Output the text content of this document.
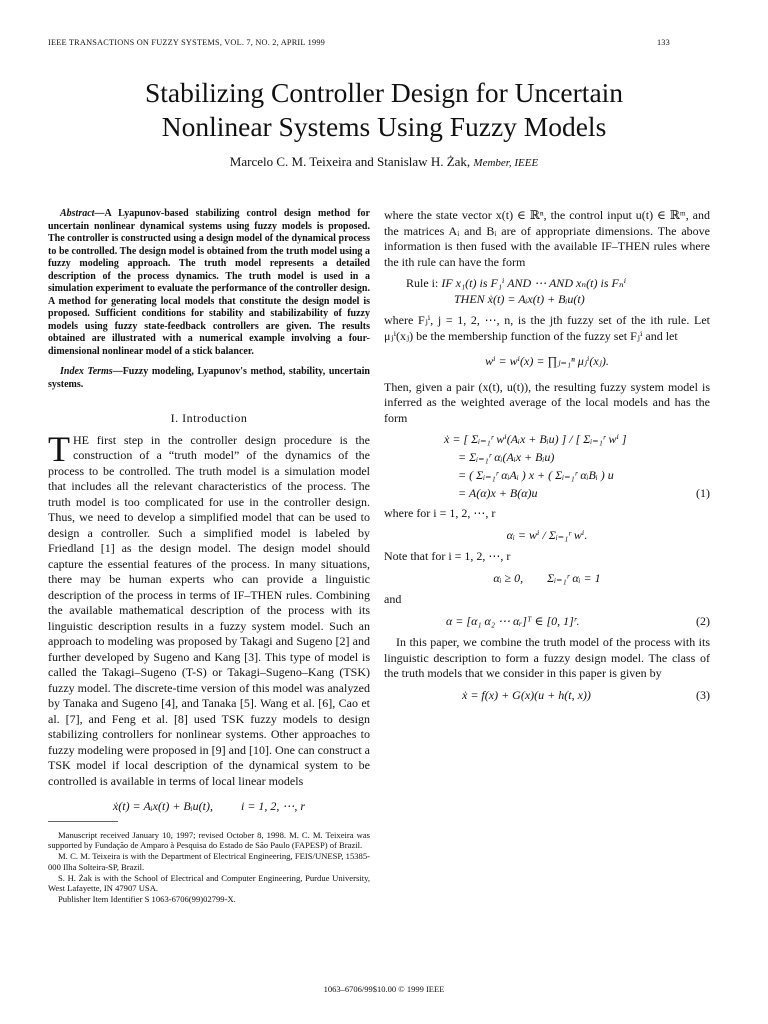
IEEE TRANSACTIONS ON FUZZY SYSTEMS, VOL. 7, NO. 2, APRIL 1999	133
Stabilizing Controller Design for Uncertain
Nonlinear Systems Using Fuzzy Models
Marcelo C. M. Teixeira and Stanislaw H. Żak, Member, IEEE

Abstract—A Lyapunov-based stabilizing control design method for uncertain nonlinear dynamical systems using fuzzy models is proposed. The controller is constructed using a design model of the dynamical process to be controlled. The design model is obtained from the truth model using a fuzzy modeling approach. The truth model represents a detailed description of the process dynamics. The truth model is used in a simulation experiment to evaluate the performance of the controller design. A method for generating local models that constitute the design model is proposed. Sufficient conditions for stability and stabilizability of fuzzy models using fuzzy state-feedback controllers are given. The results obtained are illustrated with a numerical example involving a four-dimensional nonlinear model of a stick balancer.

Index Terms—Fuzzy modeling, Lyapunov's method, stability, uncertain systems.

I. Introduction

THE first step in the controller design procedure is the construction of a “truth model” of the dynamics of the process to be controlled. The truth model is a simulation model that includes all the relevant characteristics of the process. The truth model is too complicated for use in the controller design. Thus, we need to develop a simplified model that can be used to design a controller. Such a simplified model is labeled by Friedland [1] as the design model. The design model should capture the essential features of the process. In many situations, there may be human experts who can provide a linguistic description of the process in terms of IF–THEN rules. Combining the available mathematical description of the process with its linguistic description results in a fuzzy system model. Such an approach to modeling was proposed by Takagi and Sugeno [2] and further developed by Sugeno and Kang [3]. This type of model is called the Takagi–Sugeno (T-S) or Takagi–Sugeno–Kang (TSK) fuzzy model. The discrete-time version of this model was analyzed by Tanaka and Sugeno [4], and Tanaka [5]. Wang et al. [6], Cao et al. [7], and Feng et al. [8] used TSK fuzzy models to design stabilizing controllers for nonlinear systems. Other approaches to fuzzy modeling were proposed in [9] and [10]. One can construct a TSK model if local description of the dynamical system to be controlled is available in terms of local linear models

ẋ(t) = Aᵢx(t) + Bᵢu(t), i = 1, 2, ⋯, r

Manuscript received January 10, 1997; revised October 8, 1998. M. C. M. Teixeira was supported by Fundação de Amparo à Pesquisa do Estado de São Paulo (FAPESP) of Brazil.

M. C. M. Teixeira is with the Department of Electrical Engineering, FEIS/UNESP, 15385-000 Ilha Solteira-SP, Brazil.

S. H. Żak is with the School of Electrical and Computer Engineering, Purdue University, West Lafayette, IN 47907 USA.

Publisher Item Identifier S 1063-6706(99)02799-X.

where the state vector x(t) ∈ ℝⁿ, the control input u(t) ∈ ℝᵐ, and the matrices Aᵢ and Bᵢ are of appropriate dimensions. The above information is then fused with the available IF–THEN rules where the ith rule can have the form

Rule i: IF x₁(t) is F₁ⁱ AND ⋯ AND xₙ(t) is Fₙⁱ
THEN ẋ(t) = Aᵢx(t) + Bᵢu(t)

where Fⱼⁱ, j = 1, 2, ⋯, n, is the jth fuzzy set of the ith rule. Let μⱼⁱ(xⱼ) be the membership function of the fuzzy set Fⱼⁱ and let

wⁱ = wⁱ(x) = ∏ⱼ₌₁ⁿ μⱼⁱ(xⱼ).

Then, given a pair (x(t), u(t)), the resulting fuzzy system model is inferred as the weighted average of the local models and has the form

ẋ = [ Σᵢ₌₁ʳ wⁱ(Aᵢx + Bᵢu) ] / [ Σᵢ₌₁ʳ wⁱ ]
= Σᵢ₌₁ʳ αᵢ(Aᵢx + Bᵢu)
= ( Σᵢ₌₁ʳ αᵢAᵢ ) x + ( Σᵢ₌₁ʳ αᵢBᵢ ) u
= A(α)x + B(α)u	(1)

where for i = 1, 2, ⋯, r

αᵢ = wⁱ / Σᵢ₌₁ʳ wⁱ.

Note that for i = 1, 2, ⋯, r

αᵢ ≥ 0,        Σᵢ₌₁ʳ αᵢ = 1

and

α = [α₁ α₂ ⋯ αᵣ]ᵀ ∈ [0, 1]ʳ.	(2)

In this paper, we combine the truth model of the process with its linguistic description to form a fuzzy design model. The class of the truth models that we consider in this paper is given by

ẋ = f(x) + G(x)(u + h(t, x))	(3)
1063–6706/99$10.00 © 1999 IEEE
